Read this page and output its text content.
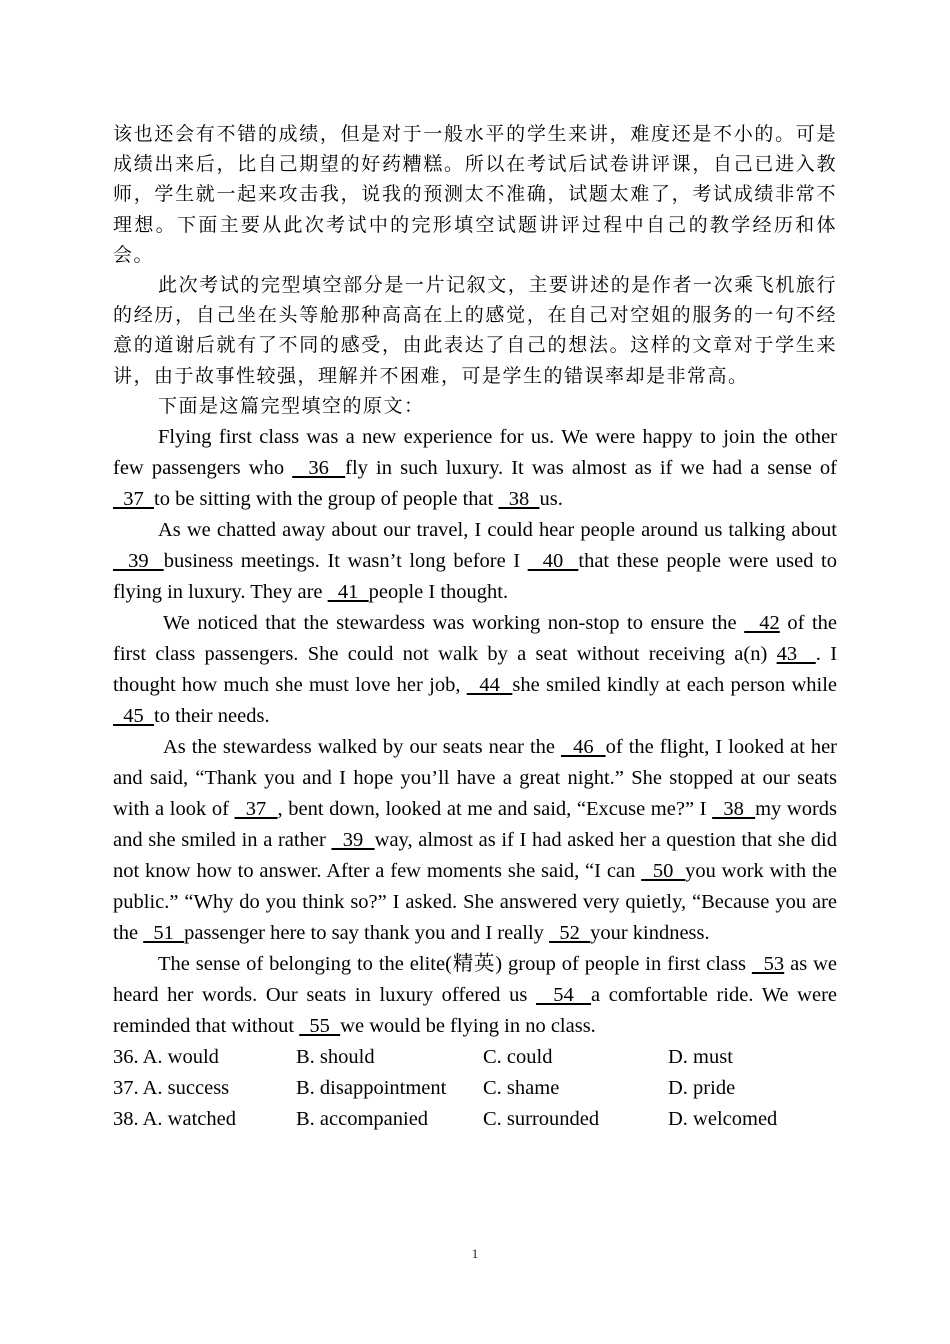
该也还会有不错的成绩，但是对于一般水平的学生来讲，难度还是不小的。可是成绩出来后，比自己期望的好药糟糕。所以在考试后试卷讲评课，自己已进入教师，学生就一起来攻击我，说我的预测太不准确，试题太难了，考试成绩非常不理想。下面主要从此次考试中的完形填空试题讲评过程中自己的教学经历和体会。

此次考试的完型填空部分是一片记叙文，主要讲述的是作者一次乘飞机旅行的经历，自己坐在头等舱那种高高在上的感觉，在自己对空姐的服务的一句不经意的道谢后就有了不同的感受，由此表达了自己的想法。这样的文章对于学生来讲，由于故事性较强，理解并不困难，可是学生的错误率却是非常高。

下面是这篇完型填空的原文：

Flying first class was a new experience for us. We were happy to join the other few passengers who   36  fly in such luxury. It was almost as if we had a sense of   37  to be sitting with the group of people that   38  us.

As we chatted away about our travel, I could hear people around us talking about   39  business meetings. It wasn’t long before I   40  that these people were used to flying in luxury. They are   41  people I thought.

We noticed that the stewardess was working non-stop to ensure the   42 of the first class passengers. She could not walk by a seat without receiving a(n) 43  . I thought how much she must love her job,   44  she smiled kindly at each person while   45  to their needs.

As the stewardess walked by our seats near the   46  of the flight, I looked at her and said, “Thank you and I hope you’ll have a great night.” She stopped at our seats with a look of   37  , bent down, looked at me and said, “Excuse me?” I   38  my words and she smiled in a rather   39  way, almost as if I had asked her a question that she did not know how to answer. After a few moments she said, “I can   50  you work with the public.” “Why do you think so?” I asked. She answered very quietly, “Because you are the   51  passenger here to say thank you and I really   52  your kindness.

The sense of belonging to the elite(精英) group of people in first class   53 as we heard her words. Our seats in luxury offered us   54  a comfortable ride. We were reminded that without   55  we would be flying in no class.

36. A. would	B. should	C. could	D. must
37. A. success	B. disappointment	C. shame	D. pride
38. A. watched	B. accompanied	C. surrounded	D. welcomed
1
